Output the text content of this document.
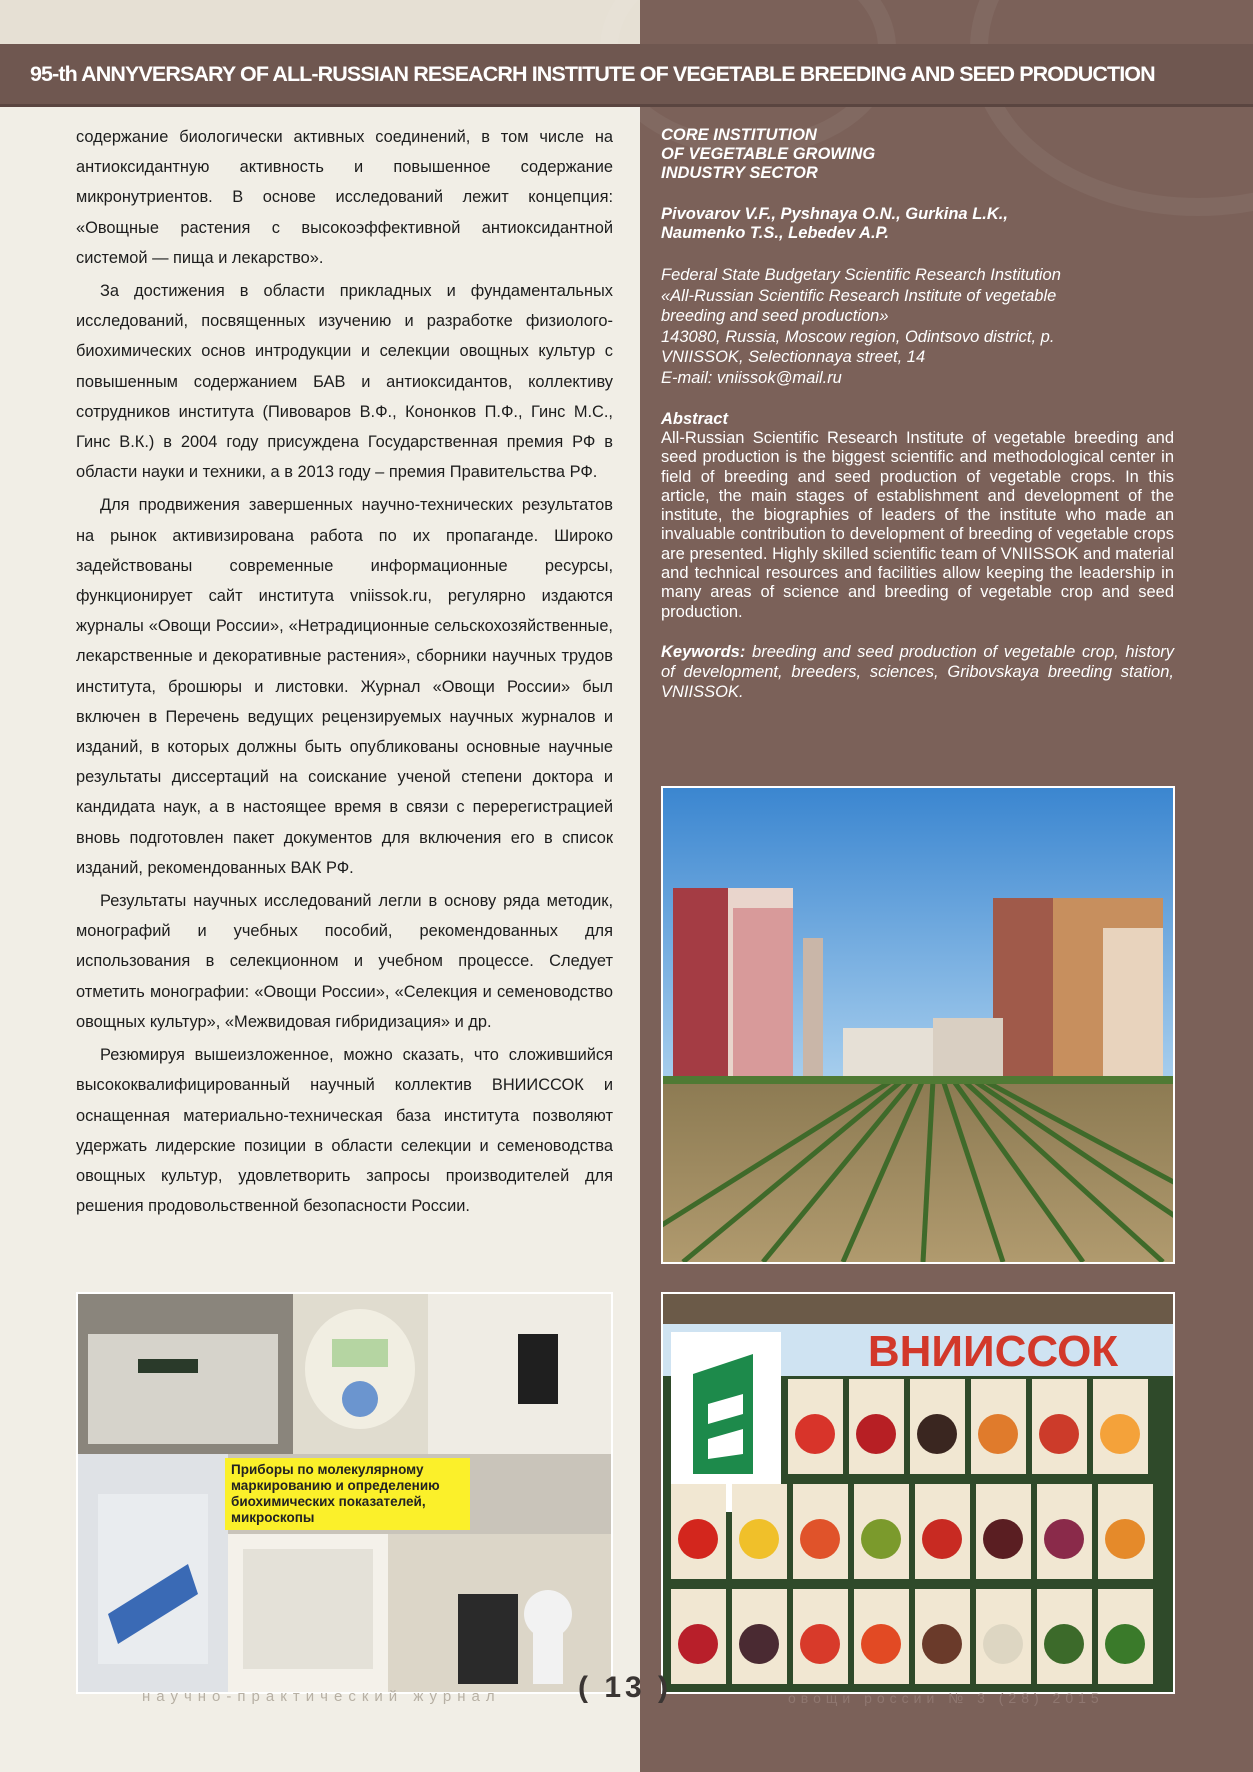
95-th ANNYVERSARY OF ALL-RUSSIAN RESEACRH INSTITUTE OF VEGETABLE BREEDING AND SEED PRODUCTION

содержание биологически активных соединений, в том числе на антиоксидантную активность и повышенное содержание микронутриентов. В основе исследований лежит концепция: «Овощные растения с высокоэффективной антиоксидантной системой — пища и лекарство».

За достижения в области прикладных и фундаментальных исследований, посвященных изучению и разработке физиолого-биохимических основ интродукции и селекции овощных культур с повышенным содержанием БАВ и антиоксидантов, коллективу сотрудников института (Пивоваров В.Ф., Кононков П.Ф., Гинс М.С., Гинс В.К.) в 2004 году присуждена Государственная премия РФ в области науки и техники, а в 2013 году – премия Правительства РФ.

Для продвижения завершенных научно-технических результатов на рынок активизирована работа по их пропаганде. Широко задействованы современные информационные ресурсы, функционирует сайт института vniissok.ru, регулярно издаются журналы «Овощи России», «Нетрадиционные сельскохозяйственные, лекарственные и декоративные растения», сборники научных трудов института, брошюры и листовки. Журнал «Овощи России» был включен в Перечень ведущих рецензируемых научных журналов и изданий, в которых должны быть опубликованы основные научные результаты диссертаций на соискание ученой степени доктора и кандидата наук, а в настоящее время в связи с перерегистрацией вновь подготовлен пакет документов для включения его в список изданий, рекомендованных ВАК РФ.

Результаты научных исследований легли в основу ряда методик, монографий и учебных пособий, рекомендованных для использования в селекционном и учебном процессе. Следует отметить монографии: «Овощи России», «Селекция и семеноводство овощных культур», «Межвидовая гибридизация» и др.

Резюмируя вышеизложенное, можно сказать, что сложившийся высококвалифицированный научный коллектив ВНИИССОК и оснащенная материально-техническая база института позволяют удержать лидерские позиции в области селекции и семеноводства овощных культур, удовлетворить запросы производителей для решения продовольственной безопасности России.

CORE INSTITUTION
OF VEGETABLE GROWING
INDUSTRY SECTOR
Pivovarov V.F., Pyshnaya O.N., Gurkina L.K.,
Naumenko T.S., Lebedev A.P.
Federal State Budgetary Scientific Research Institution
«All-Russian Scientific Research Institute of vegetable
breeding and seed production»
143080, Russia, Moscow region, Odintsovo district, p.
VNIISSOK, Selectionnaya street, 14
E-mail: vniissok@mail.ru
Abstract
All-Russian Scientific Research Institute of vegetable breeding and seed production is the biggest scientific and methodological center in field of breeding and seed production of vegetable crops. In this article, the main stages of establishment and development of the institute, the biographies of leaders of the institute who made an invaluable contribution to development of breeding of vegetable crops are presented. Highly skilled scientific team of VNIISSOK and material and technical resources and facilities allow keeping the leadership in many areas of science and breeding of vegetable crop and seed production.
Keywords: breeding and seed production of vegetable crop, history of development, breeders, sciences, Gribovskaya breeding station, VNIISSOK.
ВНИИССОК
Приборы по молекулярному маркированию и определению биохимических показателей, микроскопы
научно-практический журнал	( 13 )	овощи россии № 3 (28) 2015
